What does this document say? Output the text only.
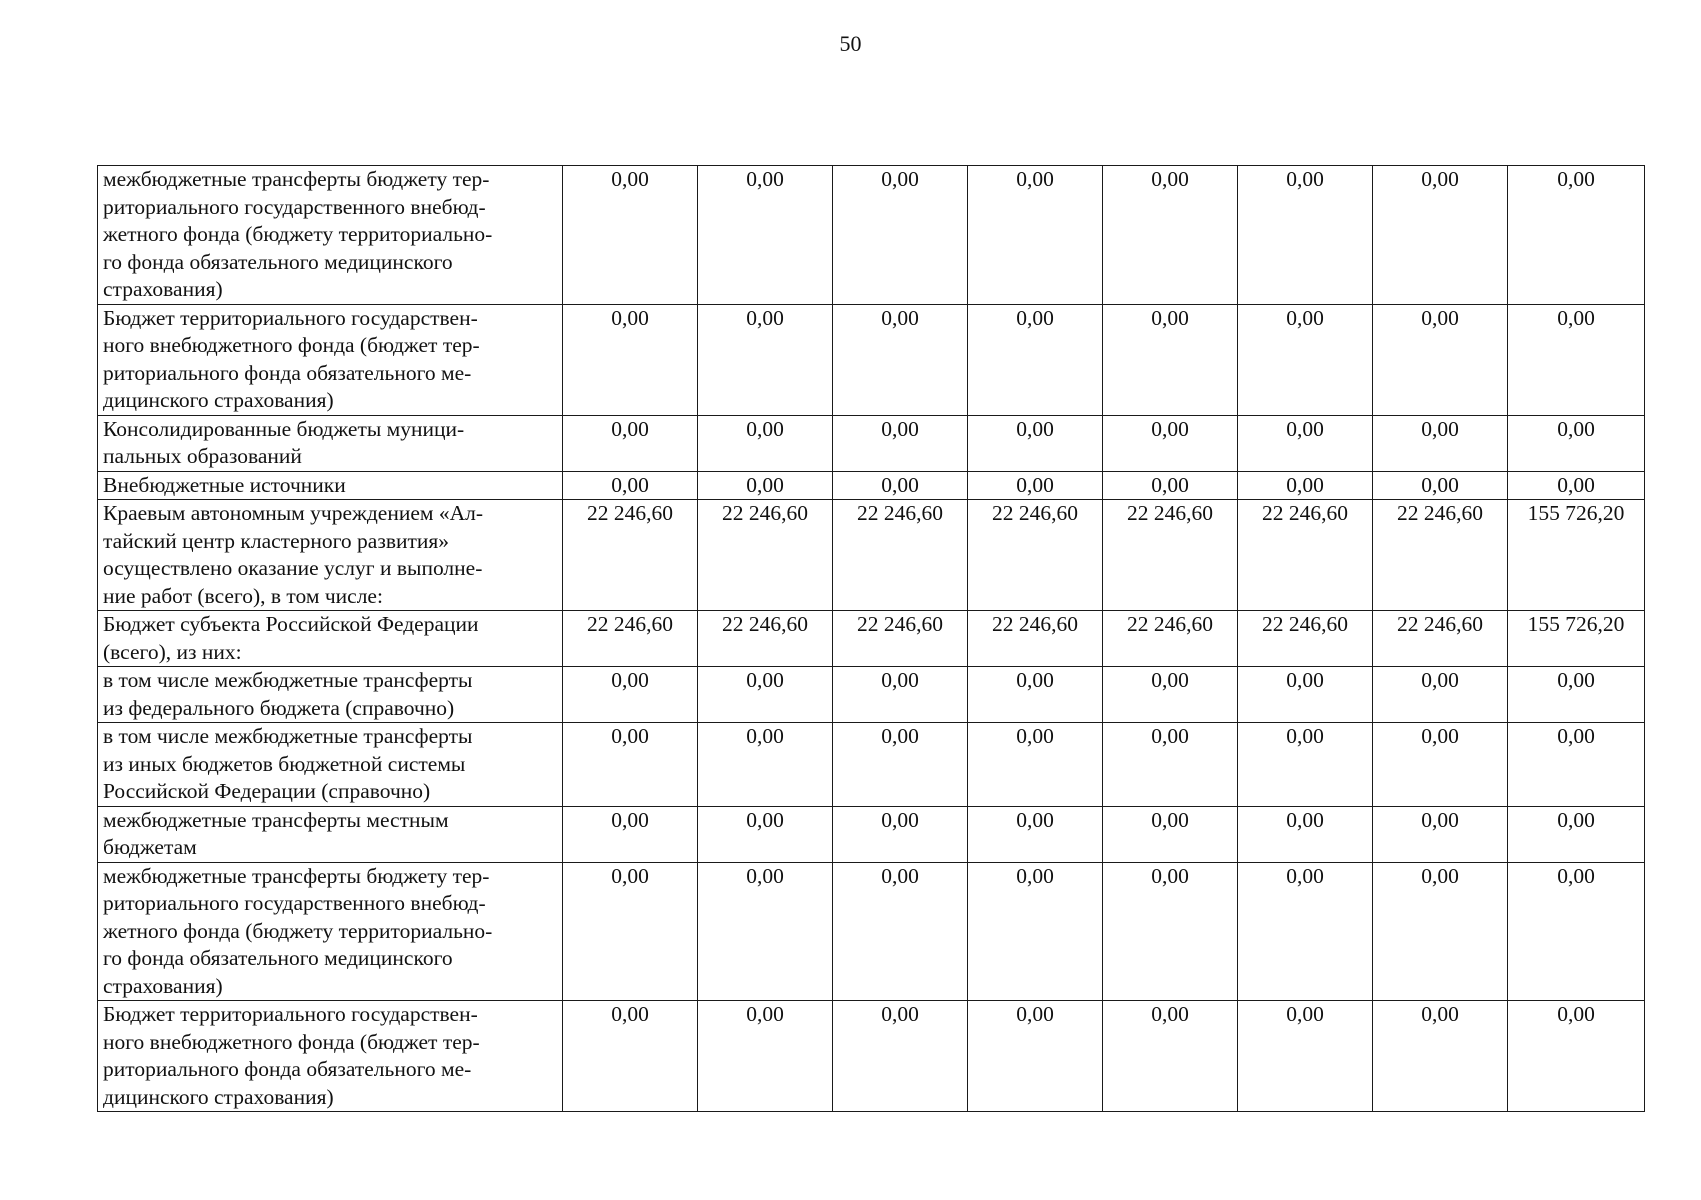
50
межбюджетные трансферты бюджету тер-
риториального государственного внебюд-
жетного фонда (бюджету территориально-
го фонда обязательного медицинского
страхования)	0,00	0,00	0,00	0,00	0,00	0,00	0,00	0,00

Бюджет территориального государствен-
ного внебюджетного фонда (бюджет тер-
риториального фонда обязательного ме-
дицинского страхования)	0,00	0,00	0,00	0,00	0,00	0,00	0,00	0,00

Консолидированные бюджеты муници-
пальных образований	0,00	0,00	0,00	0,00	0,00	0,00	0,00	0,00

Внебюджетные источники	0,00	0,00	0,00	0,00	0,00	0,00	0,00	0,00

Краевым автономным учреждением «Ал-
тайский центр кластерного развития»
осуществлено оказание услуг и выполне-
ние работ (всего), в том числе:	22 246,60	22 246,60	22 246,60	22 246,60	22 246,60	22 246,60	22 246,60	155 726,20

Бюджет субъекта Российской Федерации
(всего), из них:	22 246,60	22 246,60	22 246,60	22 246,60	22 246,60	22 246,60	22 246,60	155 726,20

в том числе межбюджетные трансферты
из федерального бюджета (справочно)	0,00	0,00	0,00	0,00	0,00	0,00	0,00	0,00

в том числе межбюджетные трансферты
из иных бюджетов бюджетной системы
Российской Федерации (справочно)	0,00	0,00	0,00	0,00	0,00	0,00	0,00	0,00

межбюджетные трансферты местным
бюджетам	0,00	0,00	0,00	0,00	0,00	0,00	0,00	0,00

межбюджетные трансферты бюджету тер-
риториального государственного внебюд-
жетного фонда (бюджету территориально-
го фонда обязательного медицинского
страхования)	0,00	0,00	0,00	0,00	0,00	0,00	0,00	0,00

Бюджет территориального государствен-
ного внебюджетного фонда (бюджет тер-
риториального фонда обязательного ме-
дицинского страхования)	0,00	0,00	0,00	0,00	0,00	0,00	0,00	0,00
